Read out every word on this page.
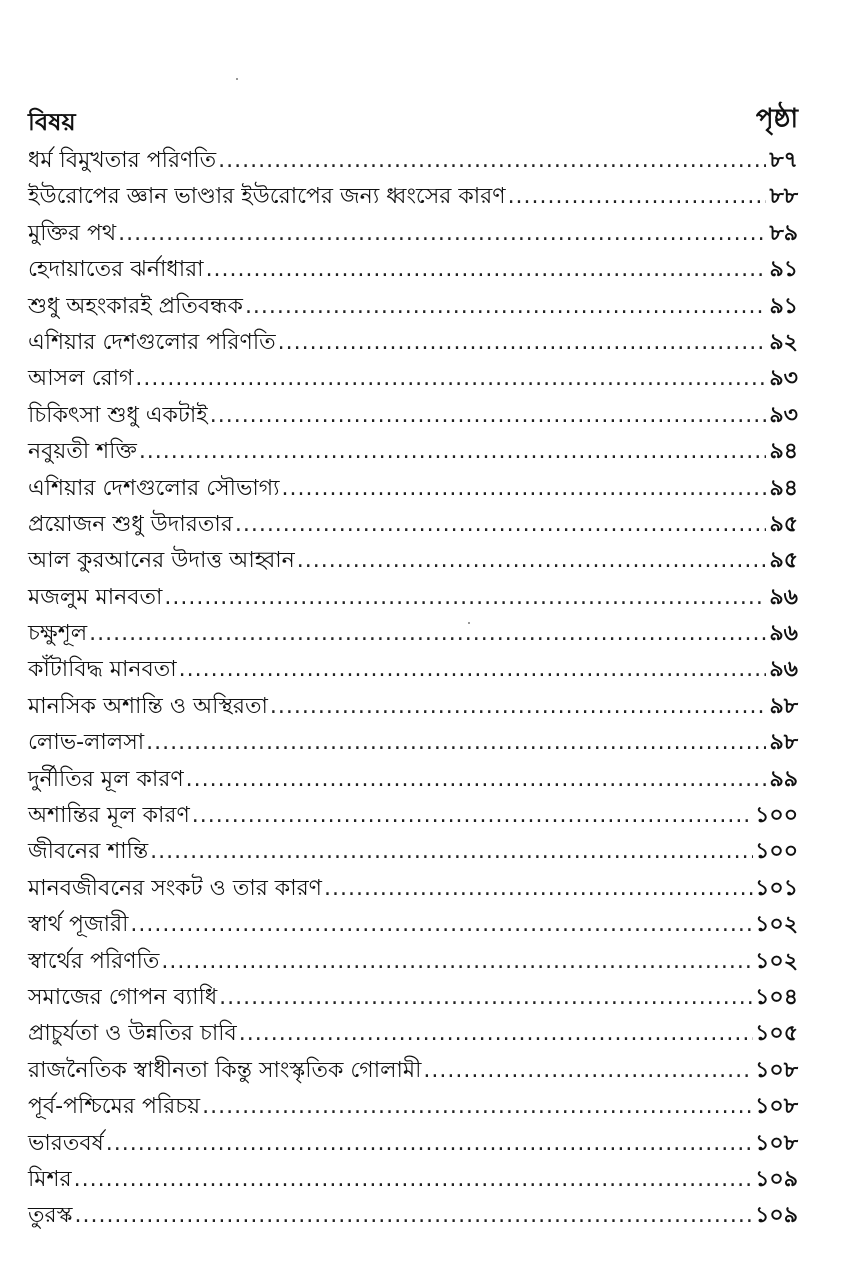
বিষয়	পৃষ্ঠা
ধর্ম বিমুখতার পরিণতি .....	৮৭
ইউরোপের জ্ঞান ভাণ্ডার ইউরোপের জন্য ধ্বংসের কারণ .....	৮৮
মুক্তির পথ .....	৮৯
হেদায়াতের ঝর্নাধারা .....	৯১
শুধু অহংকারই প্রতিবন্ধক .....	৯১
এশিয়ার দেশগুলোর পরিণতি .....	৯২
আসল রোগ .....	৯৩
চিকিৎসা শুধু একটাই .....	৯৩
নবুয়তী শক্তি .....	৯৪
এশিয়ার দেশগুলোর সৌভাগ্য .....	৯৪
প্রয়োজন শুধু উদারতার .....	৯৫
আল কুরআনের উদাত্ত আহ্বান .....	৯৫
মজলুম মানবতা .....	৯৬
চক্ষুশূল .....	৯৬
কাঁটাবিদ্ধ মানবতা .....	৯৬
মানসিক অশান্তি ও অস্থিরতা .....	৯৮
লোভ-লালসা .....	৯৮
দুর্নীতির মূল কারণ .....	৯৯
অশান্তির মূল কারণ .....	১০০
জীবনের শান্তি .....	১০০
মানবজীবনের সংকট ও তার কারণ .....	১০১
স্বার্থ পূজারী .....	১০২
স্বার্থের পরিণতি .....	১০২
সমাজের গোপন ব্যাধি .....	১০৪
প্রাচুর্যতা ও উন্নতির চাবি .....	১০৫
রাজনৈতিক স্বাধীনতা কিন্তু সাংস্কৃতিক গোলামী .....	১০৮
পূর্ব-পশ্চিমের পরিচয় .....	১০৮
ভারতবর্ষ .....	১০৮
মিশর .....	১০৯
তুরস্ক .....	১০৯
